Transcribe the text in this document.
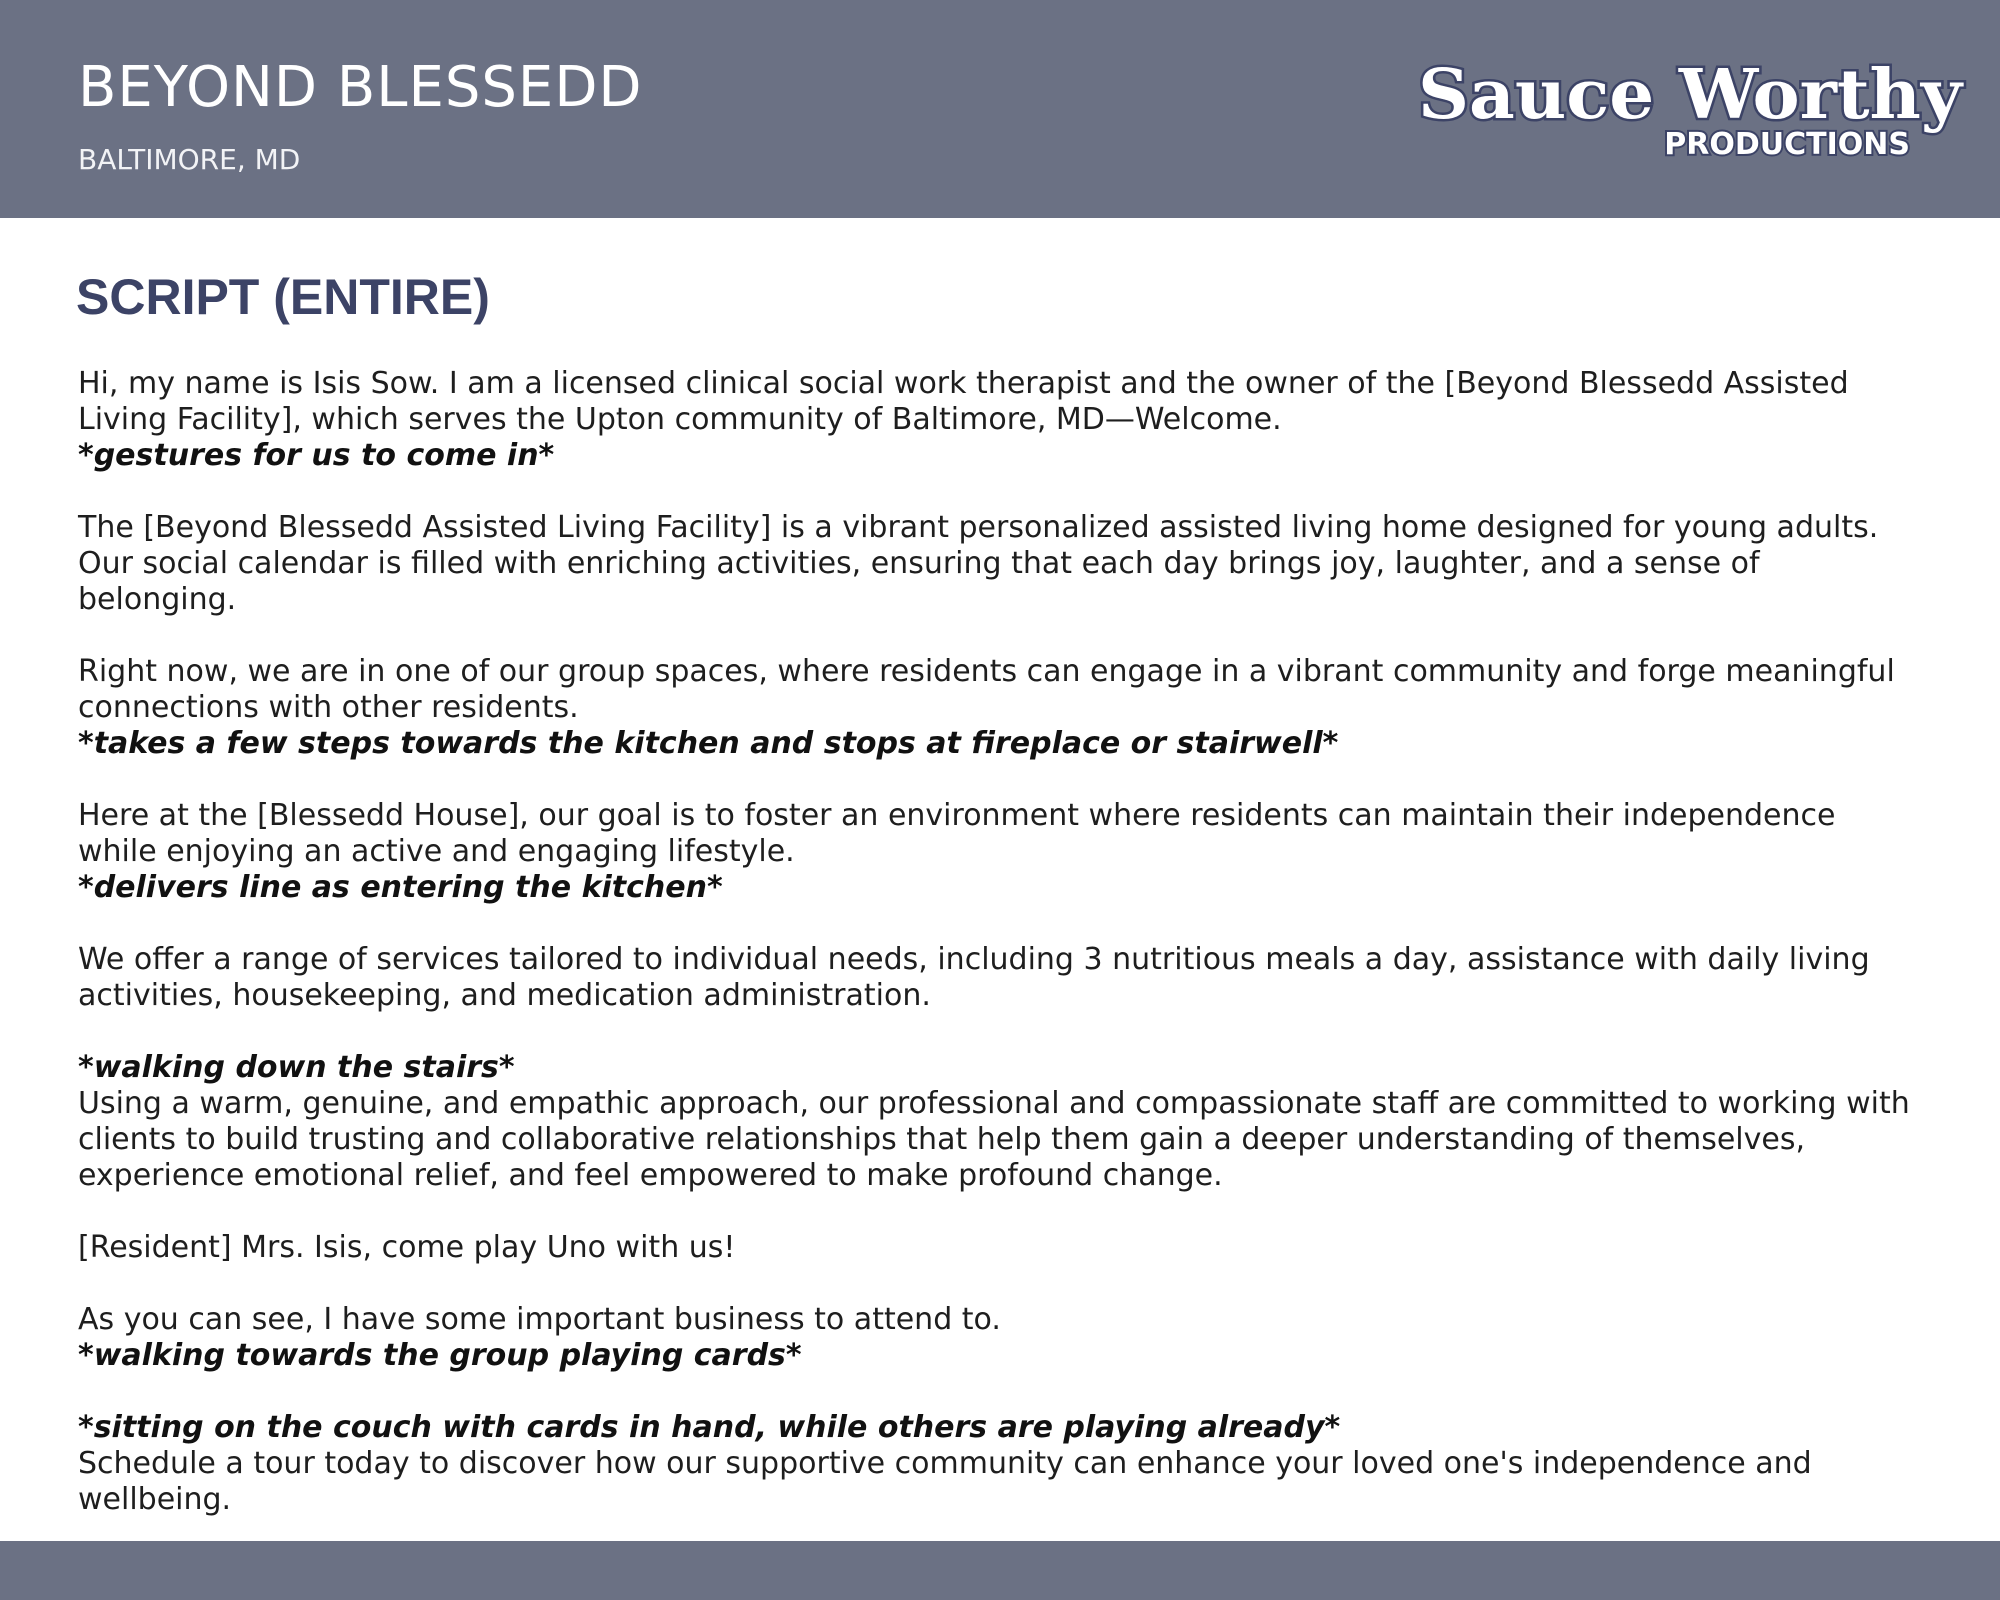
BEYOND BLESSEDD
BALTIMORE, MD
Sauce Worthy
PRODUCTIONS
SCRIPT (ENTIRE)
Hi, my name is Isis Sow. I am a licensed clinical social work therapist and the owner of the [Beyond Blessedd Assisted Living Facility], which serves the Upton community of Baltimore, MD—Welcome.
*gestures for us to come in*
The [Beyond Blessedd Assisted Living Facility] is a vibrant personalized assisted living home designed for young adults. Our social calendar is filled with enriching activities, ensuring that each day brings joy, laughter, and a sense of belonging.
Right now, we are in one of our group spaces, where residents can engage in a vibrant community and forge meaningful connections with other residents.
*takes a few steps towards the kitchen and stops at fireplace or stairwell*
Here at the [Blessedd House], our goal is to foster an environment where residents can maintain their independence while enjoying an active and engaging lifestyle.
*delivers line as entering the kitchen*
We offer a range of services tailored to individual needs, including 3 nutritious meals a day, assistance with daily living activities, housekeeping, and medication administration.
*walking down the stairs*
Using a warm, genuine, and empathic approach, our professional and compassionate staff are committed to working with clients to build trusting and collaborative relationships that help them gain a deeper understanding of themselves, experience emotional relief, and feel empowered to make profound change.
[Resident] Mrs. Isis, come play Uno with us!
As you can see, I have some important business to attend to.
*walking towards the group playing cards*
*sitting on the couch with cards in hand, while others are playing already*
Schedule a tour today to discover how our supportive community can enhance your loved one's independence and wellbeing.
